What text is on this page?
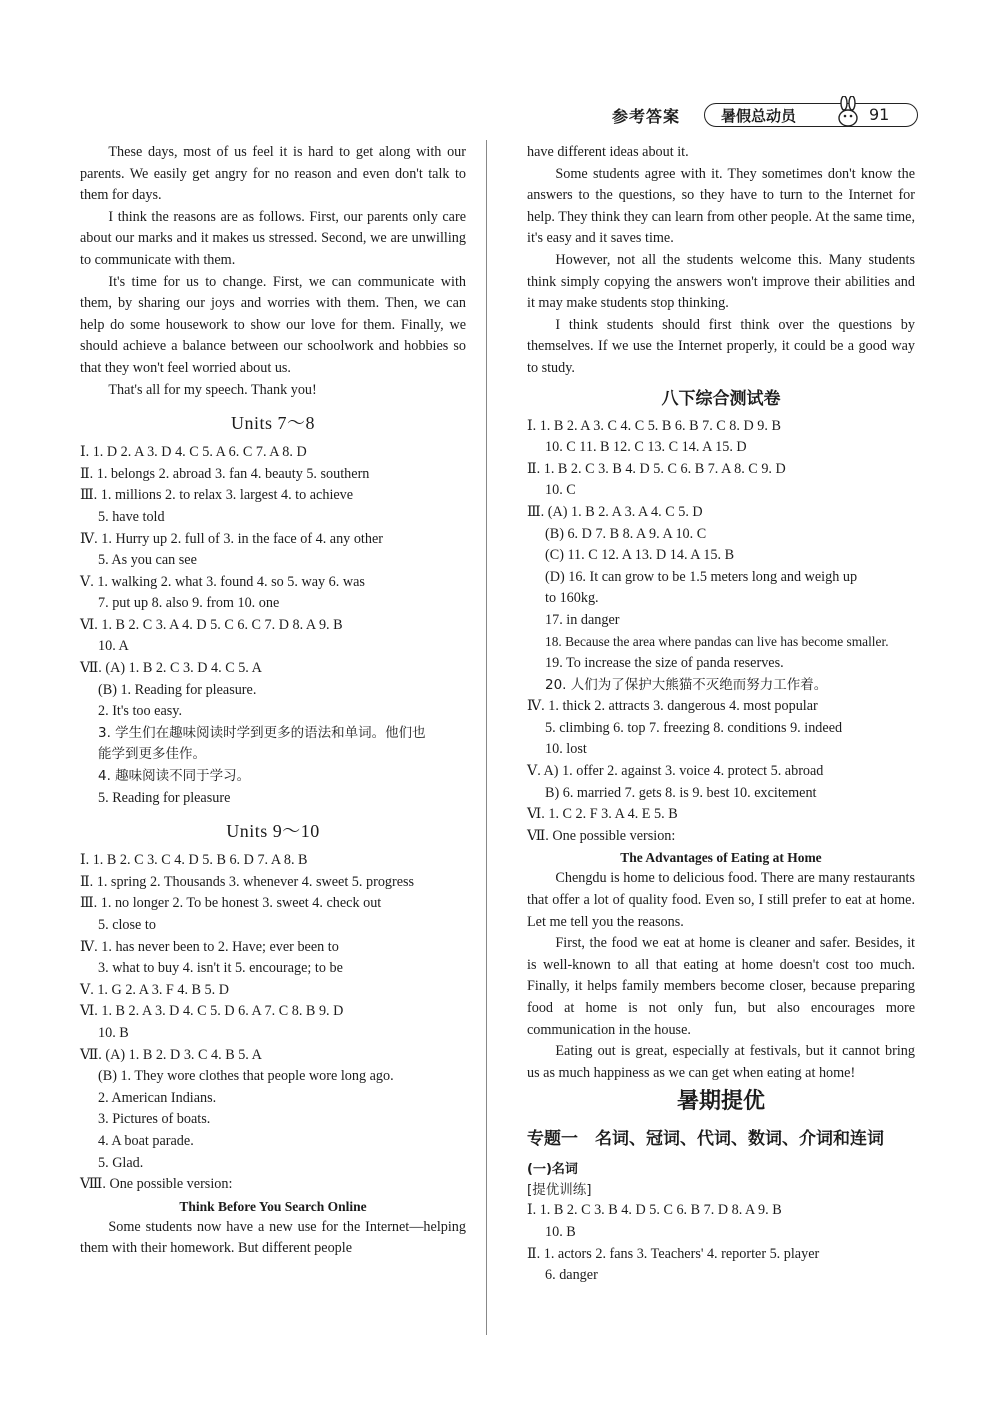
参考答案	暑假总动员	91

These days, most of us feel it is hard to get along with our parents. We easily get angry for no reason and even don't talk to them for days.

I think the reasons are as follows. First, our parents only care about our marks and it makes us stressed. Second, we are unwilling to communicate with them.

It's time for us to change. First, we can communicate with them, by sharing our joys and worries with them. Then, we can help do some housework to show our love for them. Finally, we should achieve a balance between our schoolwork and hobbies so that they won't feel worried about us.

That's all for my speech. Thank you!

Units 7～8

Ⅰ. 1. D 2. A 3. D 4. C 5. A 6. C 7. A 8. D

Ⅱ. 1. belongs 2. abroad 3. fan 4. beauty 5. southern

Ⅲ. 1. millions 2. to relax 3. largest 4. to achieve

5. have told

Ⅳ. 1. Hurry up 2. full of 3. in the face of 4. any other

5. As you can see

Ⅴ. 1. walking 2. what 3. found 4. so 5. way 6. was

7. put up 8. also 9. from 10. one

Ⅵ. 1. B 2. C 3. A 4. D 5. C 6. C 7. D 8. A 9. B

10. A

Ⅶ. (A) 1. B 2. C 3. D 4. C 5. A

(B) 1. Reading for pleasure.

2. It's too easy.

3. 学生们在趣味阅读时学到更多的语法和单词。他们也

能学到更多佳作。

4. 趣味阅读不同于学习。

5. Reading for pleasure

Units 9～10

Ⅰ. 1. B 2. C 3. C 4. D 5. B 6. D 7. A 8. B

Ⅱ. 1. spring 2. Thousands 3. whenever 4. sweet 5. progress

Ⅲ. 1. no longer 2. To be honest 3. sweet 4. check out

5. close to

Ⅳ. 1. has never been to 2. Have; ever been to

3. what to buy 4. isn't it 5. encourage; to be

Ⅴ. 1. G 2. A 3. F 4. B 5. D

Ⅵ. 1. B 2. A 3. D 4. C 5. D 6. A 7. C 8. B 9. D

10. B

Ⅶ. (A) 1. B 2. D 3. C 4. B 5. A

(B) 1. They wore clothes that people wore long ago.

2. American Indians.

3. Pictures of boats.

4. A boat parade.

5. Glad.

Ⅷ. One possible version:

Think Before You Search Online

Some students now have a new use for the Internet—helping them with their homework. But different people

have different ideas about it.

Some students agree with it. They sometimes don't know the answers to the questions, so they have to turn to the Internet for help. They think they can learn from other people. At the same time, it's easy and it saves time.

However, not all the students welcome this. Many students think simply copying the answers won't improve their abilities and it may make students stop thinking.

I think students should first think over the questions by themselves. If we use the Internet properly, it could be a good way to study.

八下综合测试卷

Ⅰ. 1. B 2. A 3. C 4. C 5. B 6. B 7. C 8. D 9. B

10. C 11. B 12. C 13. C 14. A 15. D

Ⅱ. 1. B 2. C 3. B 4. D 5. C 6. B 7. A 8. C 9. D

10. C

Ⅲ. (A) 1. B 2. A 3. A 4. C 5. D

(B) 6. D 7. B 8. A 9. A 10. C

(C) 11. C 12. A 13. D 14. A 15. B

(D) 16. It can grow to be 1.5 meters long and weigh up

to 160kg.

17. in danger

18. Because the area where pandas can live has become smaller.

19. To increase the size of panda reserves.

20. 人们为了保护大熊猫不灭绝而努力工作着。

Ⅳ. 1. thick 2. attracts 3. dangerous 4. most popular

5. climbing 6. top 7. freezing 8. conditions 9. indeed

10. lost

Ⅴ. A) 1. offer 2. against 3. voice 4. protect 5. abroad

B) 6. married 7. gets 8. is 9. best 10. excitement

Ⅵ. 1. C 2. F 3. A 4. E 5. B

Ⅶ. One possible version:

The Advantages of Eating at Home

Chengdu is home to delicious food. There are many restaurants that offer a lot of quality food. Even so, I still prefer to eat at home. Let me tell you the reasons.

First, the food we eat at home is cleaner and safer. Besides, it is well-known to all that eating at home doesn't cost too much. Finally, it helps family members become closer, because preparing food at home is not only fun, but also encourages more communication in the house.

Eating out is great, especially at festivals, but it cannot bring us as much happiness as we can get when eating at home!

暑期提优
专题一　名词、冠词、代词、数词、介词和连词

(一)名词

[提优训练]

Ⅰ. 1. B 2. C 3. B 4. D 5. C 6. B 7. D 8. A 9. B

10. B

Ⅱ. 1. actors 2. fans 3. Teachers' 4. reporter 5. player

6. danger
